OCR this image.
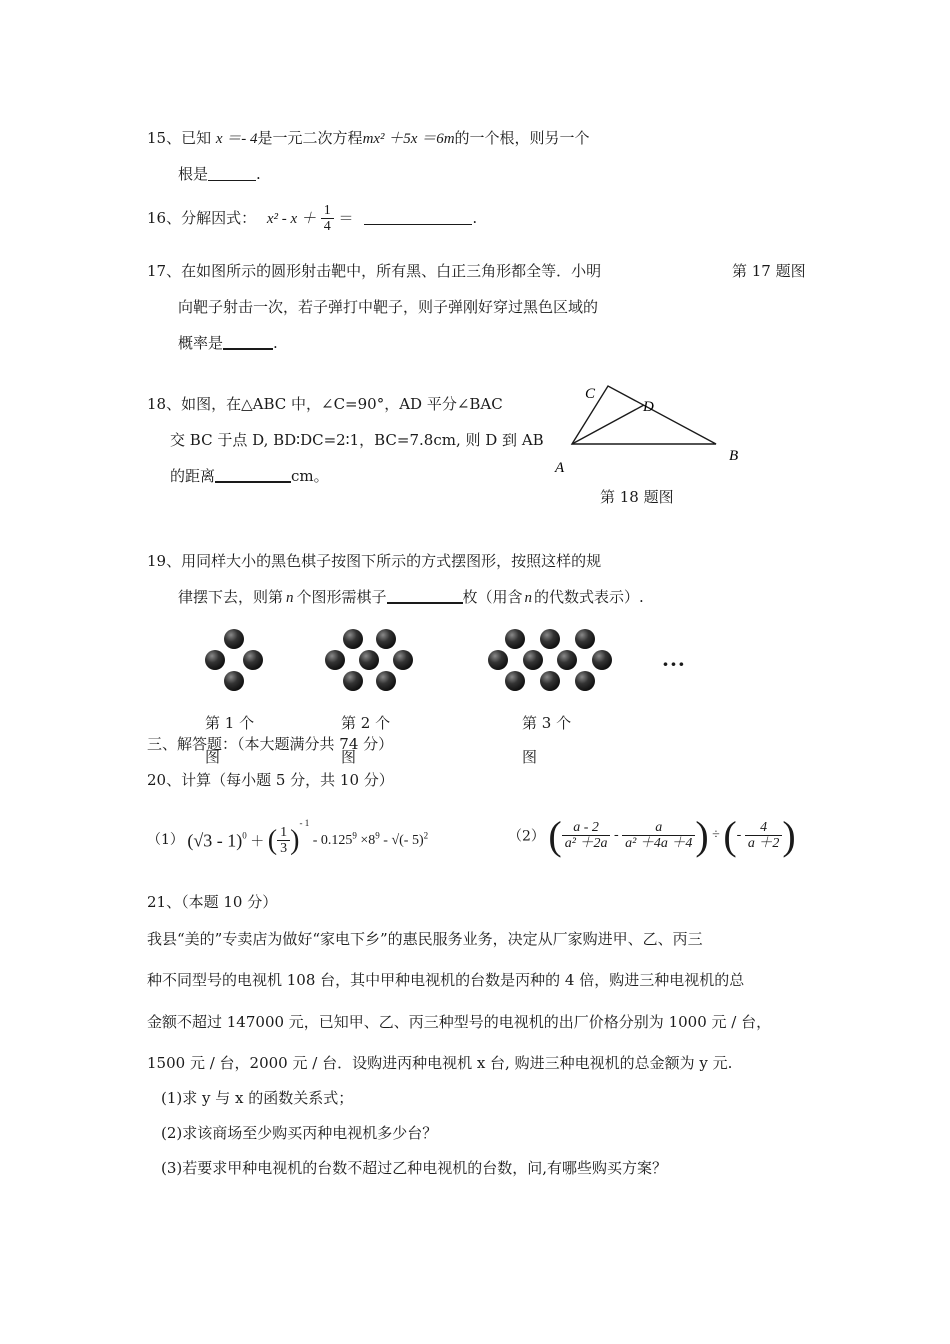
15、已知 x ＝- 4是一元二次方程mx² ＋5x ＝6m的一个根，则另一个
根是	.
16、分解因式： $x^2 - x + \frac{1}{4}$ ＝	.
17、在如图所示的圆形射击靶中，所有黑、白正三角形都全等．小明	第 17 题图
向靶子射击一次，若子弹打中靶子，则子弹刚好穿过黑色区域的
概率是	.
18、如图，在△ABC 中，∠C=90°，AD 平分∠BAC
交 BC 于点 D, BD∶DC=2∶1，BC=7.8cm, 则 D 到 AB
的距离	cm。
C
D
A
B
第 18 题图
19、用同样大小的黑色棋子按图下所示的方式摆图形，按照这样的规
律摆下去，则第 n 个图形需棋子	枚（用含 n 的代数式表示）.
···
第 1 个
图
第 2 个
图
第 3 个
图
三、解答题：（本大题满分共 74 分）
20、计算（每小题 5 分，共 10 分）
（1） (√3 - 1)$^0$ ＋ ( $\frac{1}{3} )^{- 1} - 0.125^9 \times 8^9$ - √(- 5)$^2$	（2） ( $\frac{a - 2}{\text{a² ＋2a}} - \frac{a}{\text{a² ＋4a ＋4}}$ ) ÷ (- $\frac{4}{a +2}$ )
21、（本题 10 分）
我县“美的”专卖店为做好“家电下乡”的惠民服务业务，决定从厂家购进甲、乙、丙三
种不同型号的电视机 108 台，其中甲种电视机的台数是丙种的 4 倍，购进三种电视机的总
金额不超过 147000 元，已知甲、乙、丙三种型号的电视机的出厂价格分别为 1000 元 / 台，
1500 元 / 台，2000 元 / 台．设购进丙种电视机 x 台, 购进三种电视机的总金额为 y 元.
(1)求 y 与 x 的函数关系式；
(2)求该商场至少购买丙种电视机多少台？
(3)若要求甲种电视机的台数不超过乙种电视机的台数，问,有哪些购买方案？
